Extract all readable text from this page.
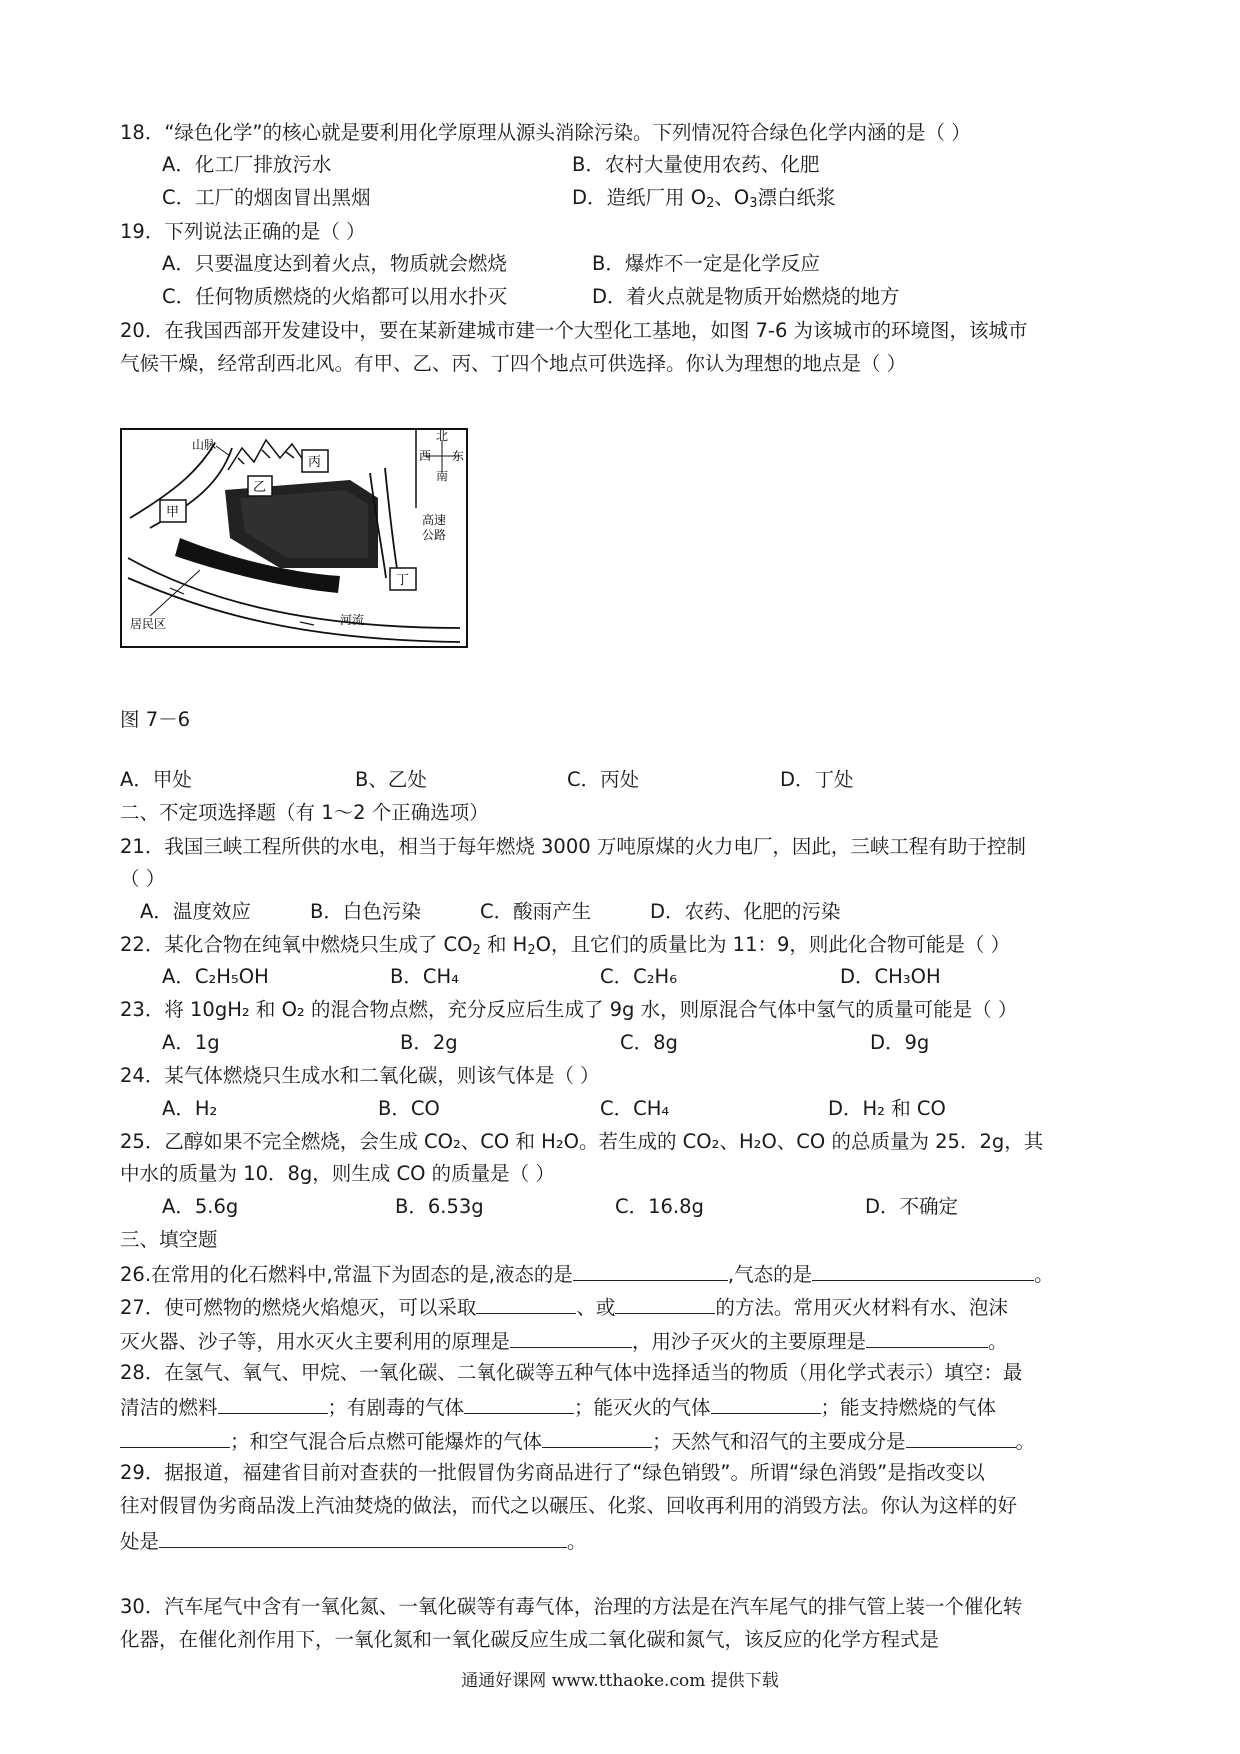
18．“绿色化学”的核心就是要利用化学原理从源头消除污染。下列情况符合绿色化学内涵的是（ ）
A．化工厂排放污水	B．农村大量使用农药、化肥
C．工厂的烟囱冒出黑烟	D．造纸厂用 $O_2$、$O_3$漂白纸浆
19．下列说法正确的是（ ）
A．只要温度达到着火点，物质就会燃烧	B．爆炸不一定是化学反应
C．任何物质燃烧的火焰都可以用水扑灭	D．着火点就是物质开始燃烧的地方
20．在我国西部开发建设中，要在某新建城市建一个大型化工基地，如图 7-6 为该城市的环境图，该城市
气候干燥，经常刮西北风。有甲、乙、丙、丁四个地点可供选择。你认为理想的地点是（ ）
山脉
丙
乙
甲
丁
北
西 东
南
高速
公路
居民区	河流
图 7－6
A．甲处	B、乙处	C．丙处	D．丁处
二、不定项选择题（有 1～2 个正确选项）
21．我国三峡工程所供的水电，相当于每年燃烧 3000 万吨原煤的火力电厂，因此，三峡工程有助于控制
（ ）
A．温度效应	B．白色污染	C．酸雨产生	D．农药、化肥的污染
22．某化合物在纯氧中燃烧只生成了 $CO_2$ 和 $H_2O$，且它们的质量比为 11：9，则此化合物可能是（ ）
A．C₂H₅OH	B．CH₄	C．C₂H₆	D．CH₃OH
23．将 10gH₂ 和 O₂ 的混合物点燃，充分反应后生成了 9g 水，则原混合气体中氢气的质量可能是（ ）
A．1g	B．2g	C．8g	D．9g
24．某气体燃烧只生成水和二氧化碳，则该气体是（ ）
A．H₂	B．CO	C．CH₄	D．H₂ 和 CO
25．乙醇如果不完全燃烧，会生成 CO₂、CO 和 H₂O。若生成的 CO₂、H₂O、CO 的总质量为 25．2g，其
中水的质量为 10．8g，则生成 CO 的质量是（ ）
A．5.6g	B．6.53g	C．16.8g	D．不确定
三、填空题
26.在常用的化石燃料中,常温下为固态的是,液态的是	,气态的是	。
27．使可燃物的燃烧火焰熄灭，可以采取	、或	的方法。常用灭火材料有水、泡沫
灭火器、沙子等，用水灭火主要利用的原理是	，用沙子灭火的主要原理是	。
28．在氢气、氧气、甲烷、一氧化碳、二氧化碳等五种气体中选择适当的物质（用化学式表示）填空：最
清洁的燃料	；有剧毒的气体	；能灭火的气体	；能支持燃烧的气体
；和空气混合后点燃可能爆炸的气体	；天然气和沼气的主要成分是	。
29．据报道，福建省目前对查获的一批假冒伪劣商品进行了“绿色销毁”。所谓“绿色消毁”是指改变以
往对假冒伪劣商品泼上汽油焚烧的做法，而代之以碾压、化浆、回收再利用的消毁方法。你认为这样的好
处是	。
30．汽车尾气中含有一氧化氮、一氧化碳等有毒气体，治理的方法是在汽车尾气的排气管上装一个催化转
化器，在催化剂作用下，一氧化氮和一氧化碳反应生成二氧化碳和氮气，该反应的化学方程式是
通通好课网 www.tthaoke.com 提供下载
